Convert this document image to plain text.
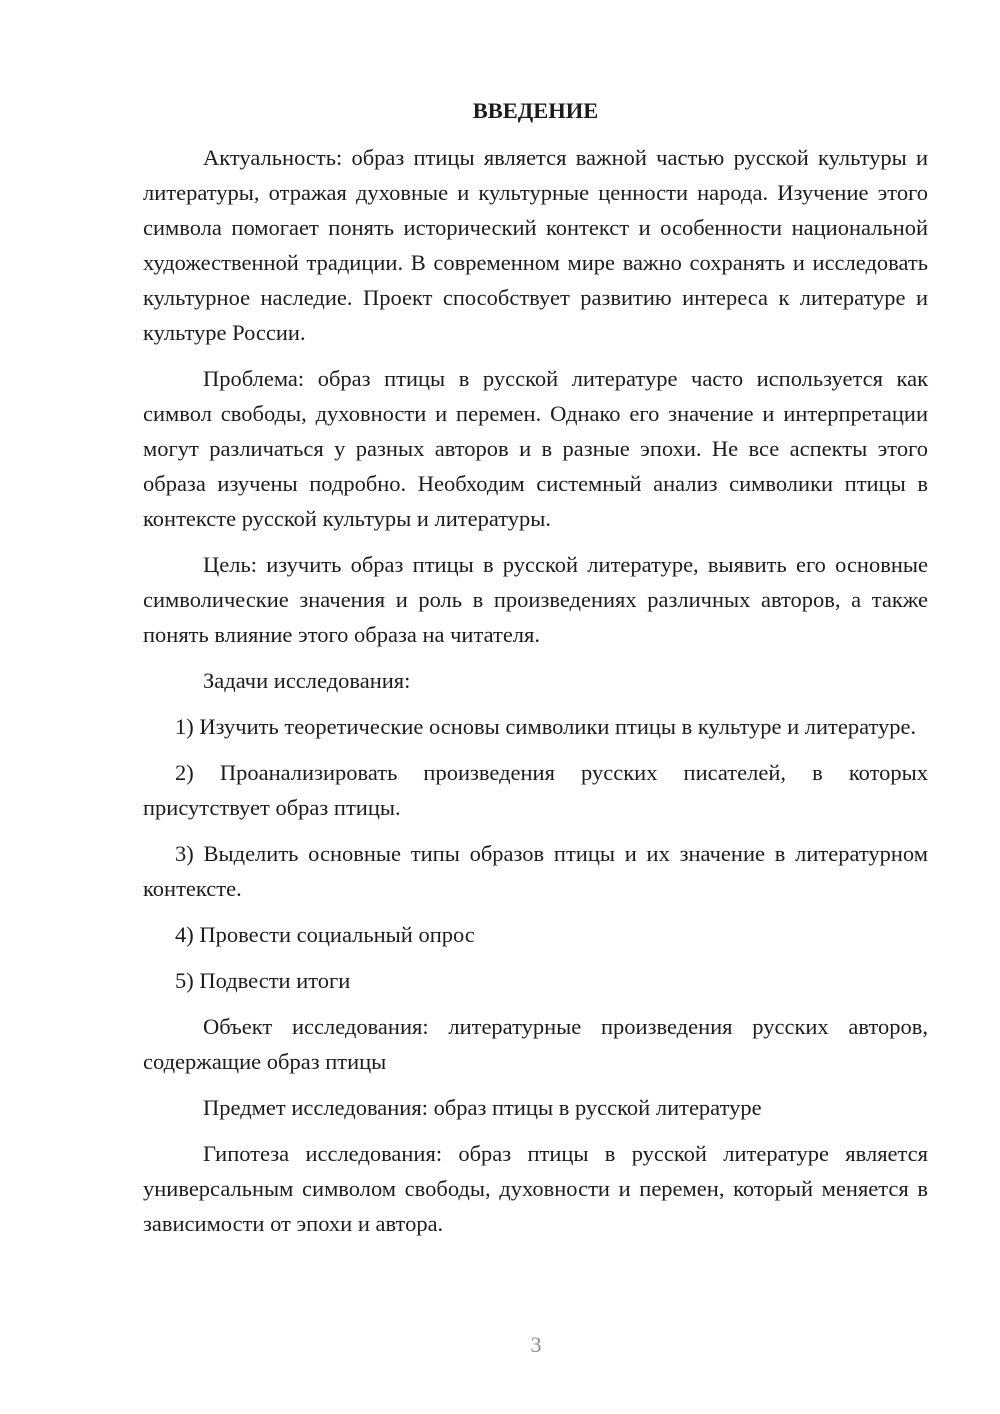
ВВЕДЕНИЕ

Актуальность: образ птицы является важной частью русской культуры и литературы, отражая духовные и культурные ценности народа. Изучение этого символа помогает понять исторический контекст и особенности национальной художественной традиции. В современном мире важно сохранять и исследовать культурное наследие. Проект способствует развитию интереса к литературе и культуре России.

Проблема: образ птицы в русской литературе часто используется как символ свободы, духовности и перемен. Однако его значение и интерпретации могут различаться у разных авторов и в разные эпохи. Не все аспекты этого образа изучены подробно. Необходим системный анализ символики птицы в контексте русской культуры и литературы.

Цель: изучить образ птицы в русской литературе, выявить его основные символические значения и роль в произведениях различных авторов, а также понять влияние этого образа на читателя.

Задачи исследования:

1) Изучить теоретические основы символики птицы в культуре и литературе.

2) Проанализировать произведения русских писателей, в которых присутствует образ птицы.

3) Выделить основные типы образов птицы и их значение в литературном контексте.

4) Провести социальный опрос

5) Подвести итоги

Объект исследования: литературные произведения русских авторов, содержащие образ птицы

Предмет исследования: образ птицы в русской литературе

Гипотеза исследования: образ птицы в русской литературе является универсальным символом свободы, духовности и перемен, который меняется в зависимости от эпохи и автора.

3
